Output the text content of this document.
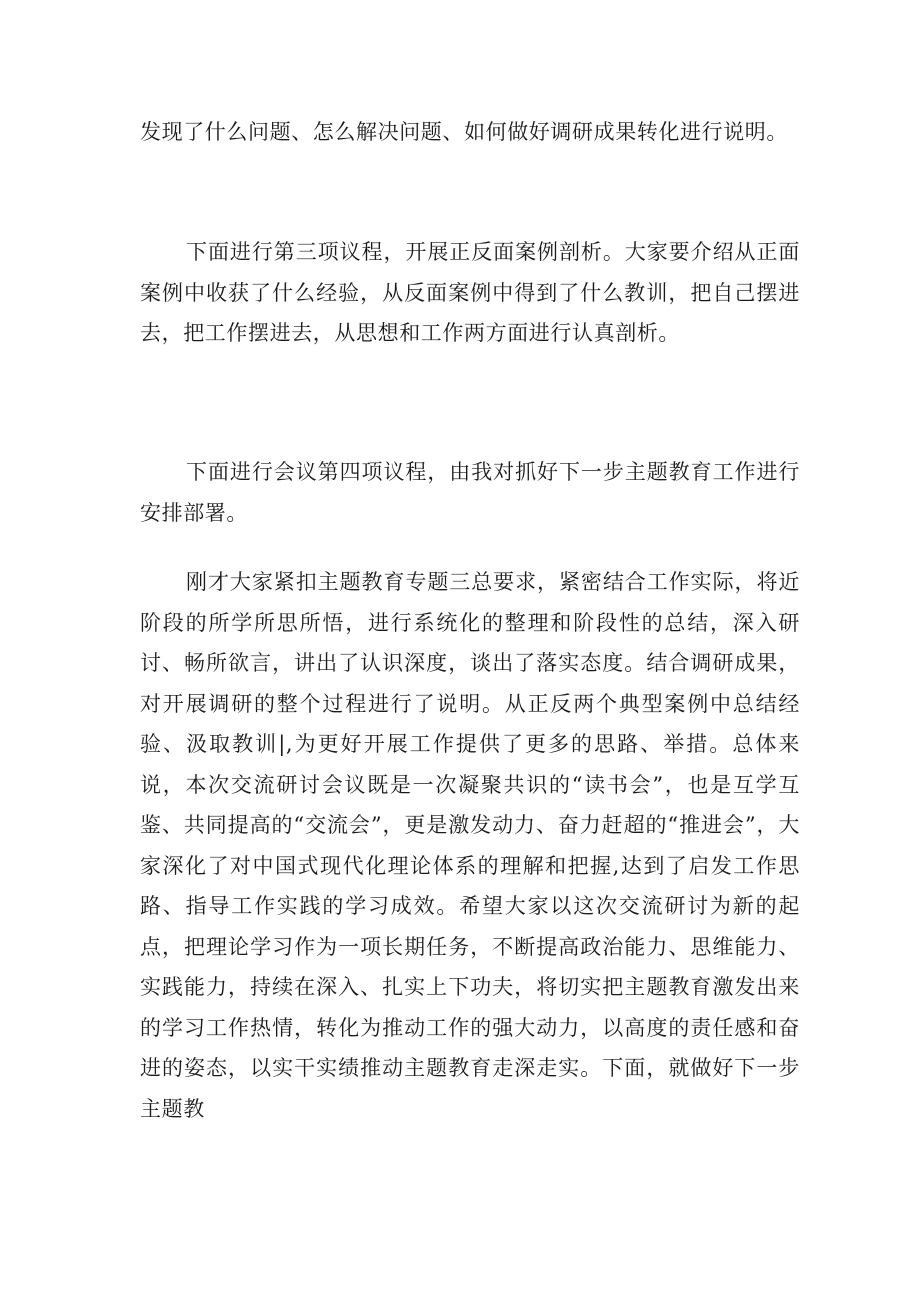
发现了什么问题、怎么解决问题、如何做好调研成果转化进行说明。

下面进行第三项议程，开展正反面案例剖析。大家要介绍从正面案例中收获了什么经验，从反面案例中得到了什么教训，把自己摆进去，把工作摆进去，从思想和工作两方面进行认真剖析。

下面进行会议第四项议程，由我对抓好下一步主题教育工作进行安排部署。

刚才大家紧扣主题教育专题三总要求，紧密结合工作实际，将近阶段的所学所思所悟，进行系统化的整理和阶段性的总结，深入研讨、畅所欲言，讲出了认识深度，谈出了落实态度。结合调研成果，对开展调研的整个过程进行了说明。从正反两个典型案例中总结经验、汲取教训|,为更好开展工作提供了更多的思路、举措。总体来说，本次交流研讨会议既是一次凝聚共识的“读书会”，也是互学互鉴、共同提高的“交流会”，更是激发动力、奋力赶超的“推进会”，大家深化了对中国式现代化理论体系的理解和把握,达到了启发工作思路、指导工作实践的学习成效。希望大家以这次交流研讨为新的起点，把理论学习作为一项长期任务，不断提高政治能力、思维能力、实践能力，持续在深入、扎实上下功夫，将切实把主题教育激发出来的学习工作热情，转化为推动工作的强大动力，以高度的责任感和奋进的姿态，以实干实绩推动主题教育走深走实。下面，就做好下一步主题教
